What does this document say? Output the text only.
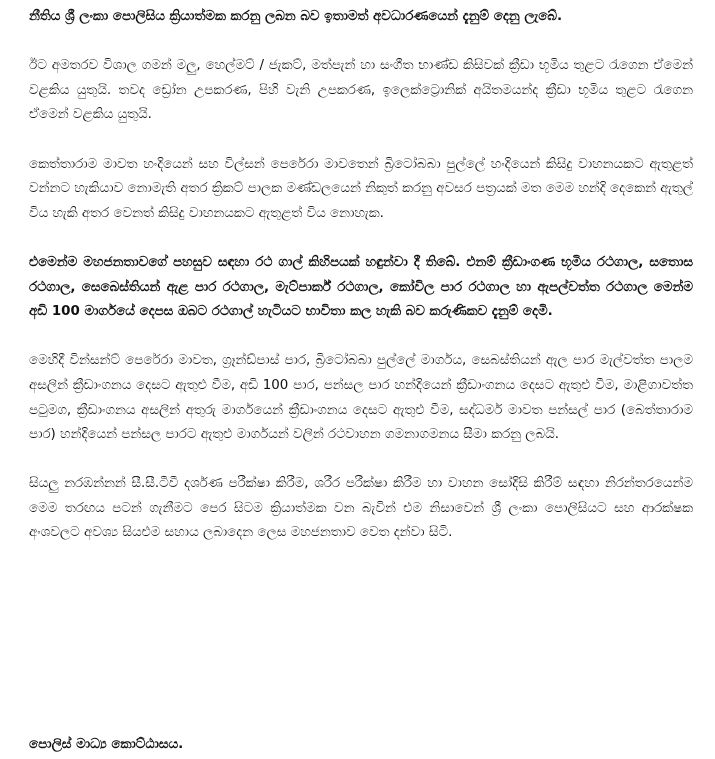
නීතිය ශ්‍රී ලංකා පොලිසිය ක්‍රියාත්මක කරනු ලබන බව ඉතාමත් අවධාරණයෙන් දැනුම් දෙනු ලැබේ.

ඊට අමතරව විශාල ගමන් මලු, හෙල්මට් / ජැකට්, මත්පැන් හා සංගීත භාණ්ඩ කිසිවක් ක්‍රීඩා භූමිය තුළට රැගෙන ඒමෙන් වළකිය යුතුයි. තවද ඩ්‍රෝන උපකරණ, පිහි වැනි උපකරණ, ඉලෙක්ට්‍රොනික් අයිතමයන්ද ක්‍රීඩා භූමිය තුළට රැගෙන ඒමෙන් වළකිය යුතුයි.

කෙත්තාරාම මාවත හංදියෙන් සහ විල්සන් පෙරේරා මාවතෙන් බ්‍රිටෝබබා පුල්ලේ හංදියෙන් කිසිදු වාහනයකට ඇතුළත් වන්නට හැකියාව නොමැති අතර ක්‍රිකට් පාලක මණ්ඩලයෙන් නිකුත් කරනු අවසර පත්‍රයක් මත මෙම හන්දි දෙකෙන් ඇතුල් විය හැකි අතර වෙනත් කිසිදු වාහනයකට ඇතුළත් විය නොහැක.

එමෙන්ම මහජනතාවගේ පහසුව සඳහා රථ ගාල් කිහිපයක් හඳුන්වා දී තිබේ. එනම් ක්‍රීඩාංගණ භූමිය රථගාල, සතොස රථගාල, සෙබෙස්තියන් ඇළ පාර රථගාල, මැට්පාර්ක් රථගාල, කෝවිල පාර රථගාල හා ඇපල්වත්ත රථගාල මෙන්ම අඩි 100 මාර්ගයේ දෙපස ඔබට රථගාල් හැටියට භාවිතා කල හැකි බව කරුණිකව දැනුම් දෙමි.

මෙහිදී වින්සන්ට් පෙරේරා මාවත, ග්‍රෑන්ඩ්පාස් පාර, බ්‍රිටෝබබා පුල්ලේ මාර්ගය, සෙබස්තියන් ඇල පාර මැල්වත්ත පාලම අසලින් ක්‍රීඩාංගනය දෙසට ඇතුළු වීම, අඩි 100 පාර, පන්සල පාර හන්දියෙන් ක්‍රීඩාංගනය දෙසට ඇතුළු වීම, මාළිගාවත්ත පටුමග, ක්‍රීඩාංගනය අසලින් අතුරු මාර්ගයෙන් ක්‍රීඩාංගනය දෙසට ඇතුළු වීම, සද්ධර්ම මාවත පන්සල් පාර (බෙත්තාරාම පාර) හන්දියෙන් පන්සල පාරට ඇතුළු මාර්ගයන් වලින් රථවාහන ගමනාගමනය සීමා කරනු ලබයි.

සියලු නරඹන්නන් සී.සී.ටීවී දර්ශණ පරීක්ෂා කිරීම, ශරීර පරීක්ෂා කිරීම හා වාහන සෝදිසි කිරීම් සඳහා නිරන්තරයෙන්ම මෙම තරඟය පටන් ගැනීමට පෙර සිටම ක්‍රියාත්මක වන බැවින් එම නිසාවෙන් ශ්‍රී ලංකා පොලිසියට සහ ආරක්ෂක අංශවලට අවශ්‍ය සියළුම සහාය ලබාදෙන ලෙස මහජනතාව වෙත දන්වා සිටි.

පොලිස් මාධ්‍ය කොට්ඨාසය.
